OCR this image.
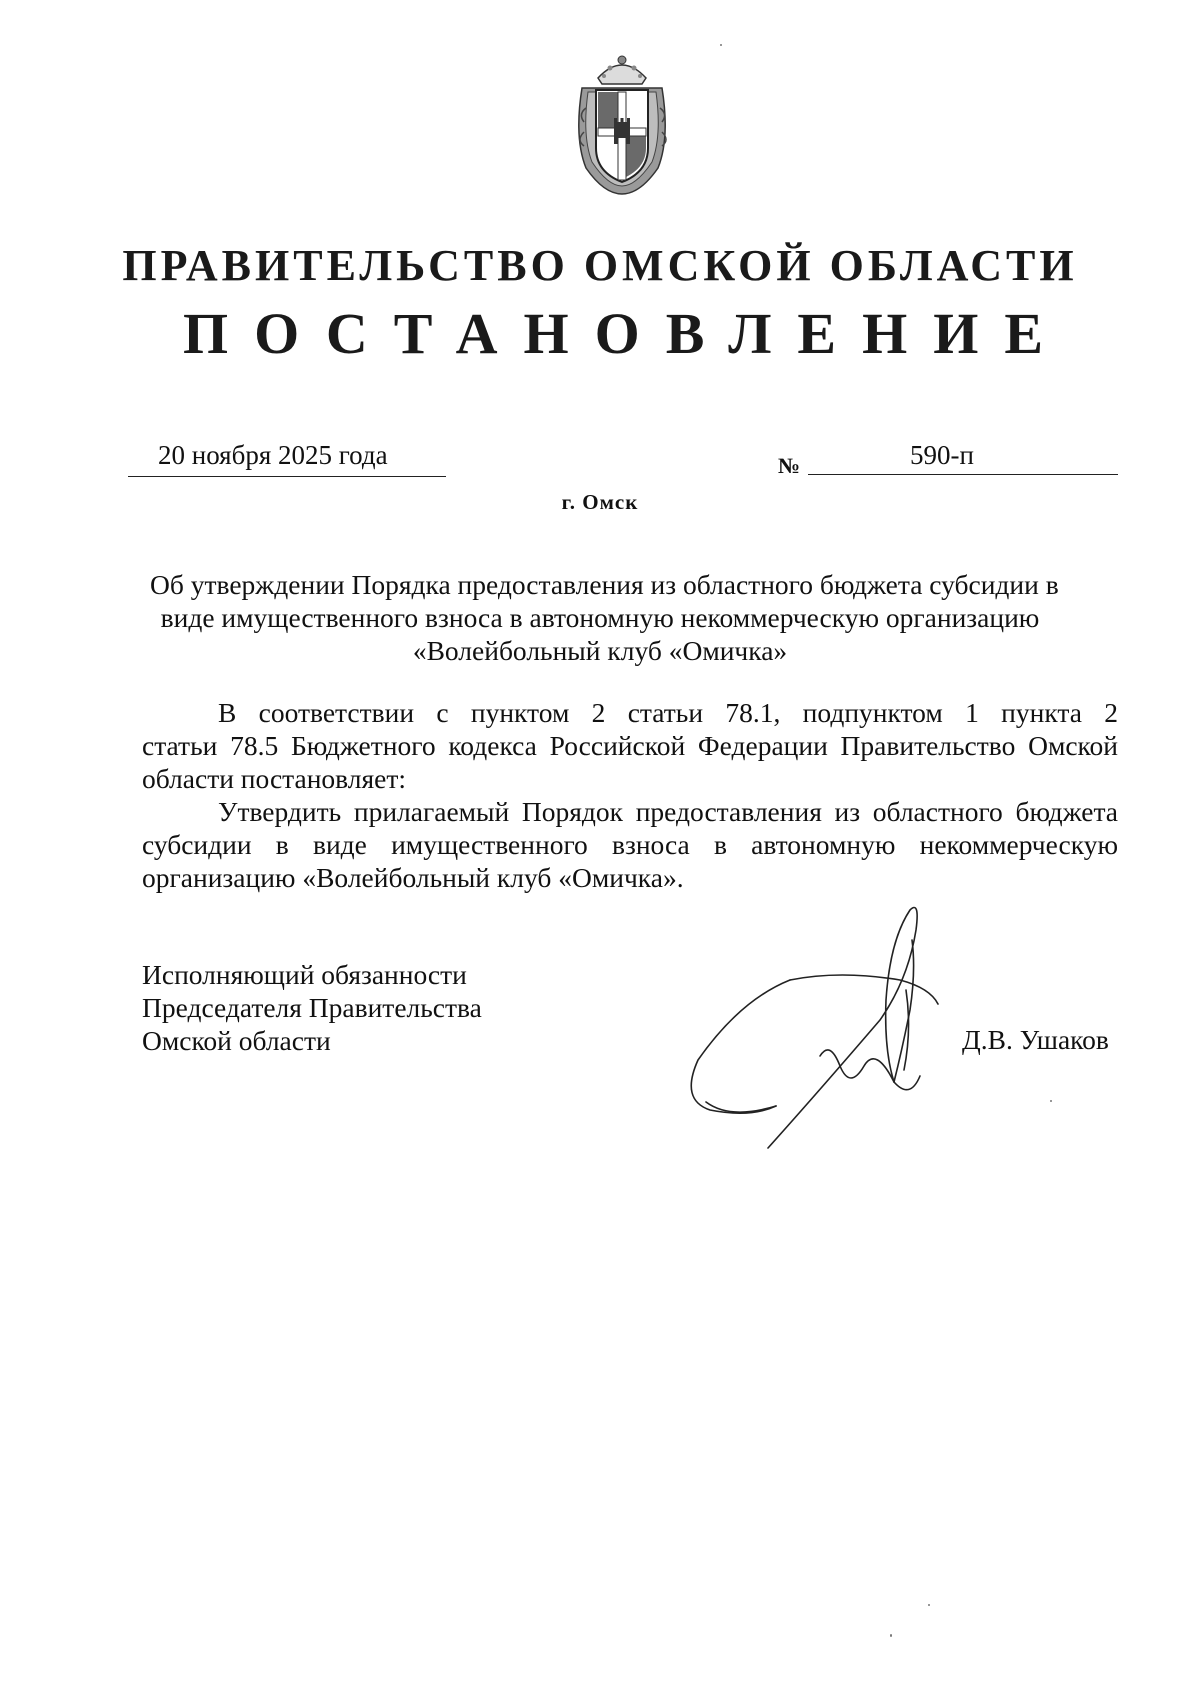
ПРАВИТЕЛЬСТВО ОМСКОЙ ОБЛАСТИ
ПОСТАНОВЛЕНИЕ
20 ноября 2025 года	№	590-п
г. Омск
Об утверждении Порядка предоставления из областного бюджета субсидии в
виде имущественного взноса в автономную некоммерческую организацию
«Волейбольный клуб «Омичка»
В соответствии с пунктом 2 статьи 78.1, подпунктом 1 пункта 2
статьи 78.5 Бюджетного кодекса Российской Федерации Правительство Омской
области постановляет:
Утвердить прилагаемый Порядок предоставления из областного бюджета
субсидии в виде имущественного взноса в автономную некоммерческую
организацию «Волейбольный клуб «Омичка».
Исполняющий обязанности
Председателя Правительства
Омской области	Д.В. Ушаков
